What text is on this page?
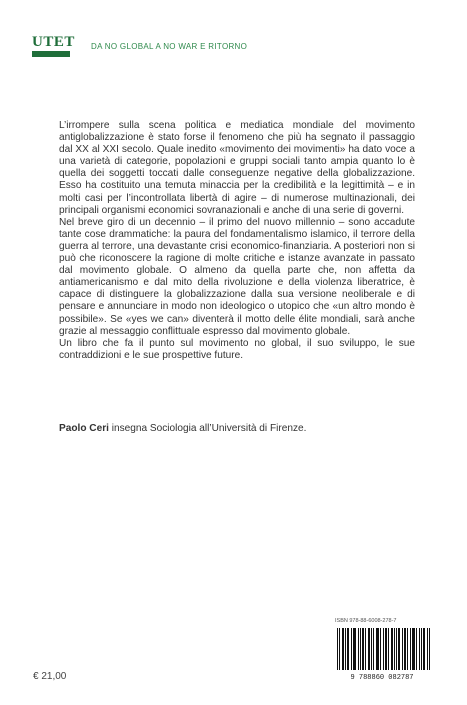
UTET DA NO GLOBAL A NO WAR E RITORNO

L’irrompere sulla scena politica e mediatica mondiale del movimento antiglobalizzazione è stato forse il fenomeno che più ha segnato il passaggio dal XX al XXI secolo. Quale inedito «movimento dei movimenti» ha dato voce a una varietà di categorie, popolazioni e gruppi sociali tanto ampia quanto lo è quella dei soggetti toccati dalle conseguenze negative della globalizzazione. Esso ha costituito una temuta minaccia per la credibilità e la legittimità – e in molti casi per l’incontrollata libertà di agire – di numerose multinazionali, dei principali organismi economici sovranazionali e anche di una serie di governi.

Nel breve giro di un decennio – il primo del nuovo millennio – sono accadute tante cose drammatiche: la paura del fondamentalismo islamico, il terrore della guerra al terrore, una devastante crisi economico-finanziaria. A posteriori non si può che riconoscere la ragione di molte critiche e istanze avanzate in passato dal movimento globale. O almeno da quella parte che, non affetta da antiamericanismo e dal mito della rivoluzione e della violenza liberatrice, è capace di distinguere la globalizzazione dalla sua versione neoliberale e di pensare e annunciare in modo non ideologico o utopico che «un altro mondo è possibile». Se «yes we can» diventerà il motto delle élite mondiali, sarà anche grazie al messaggio conflittuale espresso dal movimento globale.

Un libro che fa il punto sul movimento no global, il suo sviluppo, le sue contraddizioni e le sue prospettive future.

Paolo Ceri insegna Sociologia all’Università di Firenze.
ISBN 978-88-6008-278-7
9 788860 082787
€ 21,00
